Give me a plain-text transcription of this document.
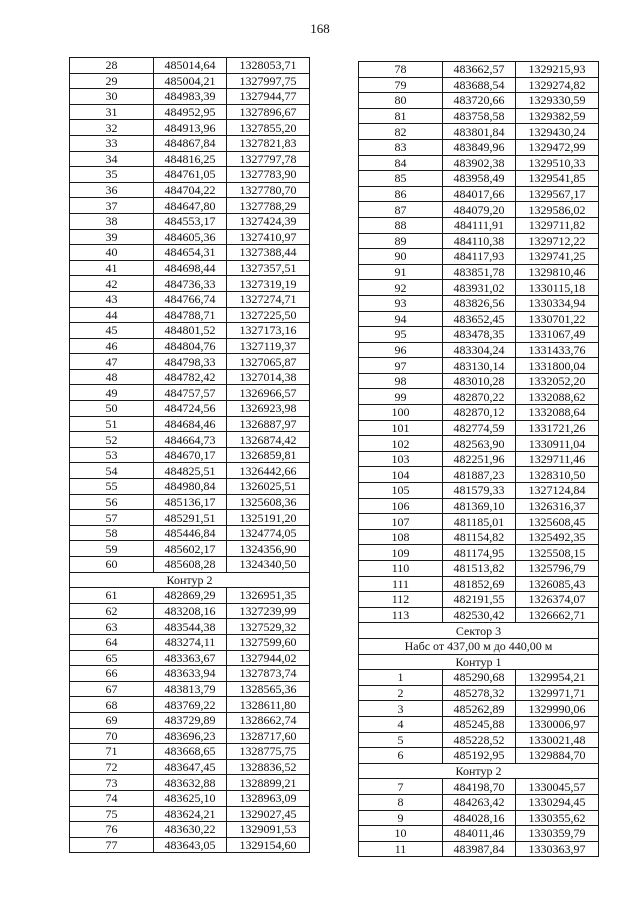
168
28	485014,64	1328053,71
29	485004,21	1327997,75
30	484983,39	1327944,77
31	484952,95	1327896,67
32	484913,96	1327855,20
33	484867,84	1327821,83
34	484816,25	1327797,78
35	484761,05	1327783,90
36	484704,22	1327780,70
37	484647,80	1327788,29
38	484553,17	1327424,39
39	484605,36	1327410,97
40	484654,31	1327388,44
41	484698,44	1327357,51
42	484736,33	1327319,19
43	484766,74	1327274,71
44	484788,71	1327225,50
45	484801,52	1327173,16
46	484804,76	1327119,37
47	484798,33	1327065,87
48	484782,42	1327014,38
49	484757,57	1326966,57
50	484724,56	1326923,98
51	484684,46	1326887,97
52	484664,73	1326874,42
53	484670,17	1326859,81
54	484825,51	1326442,66
55	484980,84	1326025,51
56	485136,17	1325608,36
57	485291,51	1325191,20
58	485446,84	1324774,05
59	485602,17	1324356,90
60	485608,28	1324340,50
Контур 2		
61	482869,29	1326951,35
62	483208,16	1327239,99
63	483544,38	1327529,32
64	483274,11	1327599,60
65	483363,67	1327944,02
66	483633,94	1327873,74
67	483813,79	1328565,36
68	483769,22	1328611,80
69	483729,89	1328662,74
70	483696,23	1328717,60
71	483668,65	1328775,75
72	483647,45	1328836,52
73	483632,88	1328899,21
74	483625,10	1328963,09
75	483624,21	1329027,45
76	483630,22	1329091,53
77	483643,05	1329154,60
78	483662,57	1329215,93
79	483688,54	1329274,82
80	483720,66	1329330,59
81	483758,58	1329382,59
82	483801,84	1329430,24
83	483849,96	1329472,99
84	483902,38	1329510,33
85	483958,49	1329541,85
86	484017,66	1329567,17
87	484079,20	1329586,02
88	484111,91	1329711,82
89	484110,38	1329712,22
90	484117,93	1329741,25
91	483851,78	1329810,46
92	483931,02	1330115,18
93	483826,56	1330334,94
94	483652,45	1330701,22
95	483478,35	1331067,49
96	483304,24	1331433,76
97	483130,14	1331800,04
98	483010,28	1332052,20
99	482870,22	1332088,62
100	482870,12	1332088,64
101	482774,59	1331721,26
102	482563,90	1330911,04
103	482251,96	1329711,46
104	481887,23	1328310,50
105	481579,33	1327124,84
106	481369,10	1326316,37
107	481185,01	1325608,45
108	481154,82	1325492,35
109	481174,95	1325508,15
110	481513,82	1325796,79
111	481852,69	1326085,43
112	482191,55	1326374,07
113	482530,42	1326662,71
Сектор 3		
Набс от 437,00 м до 440,00 м		
Контур 1		
1	485290,68	1329954,21
2	485278,32	1329971,71
3	485262,89	1329990,06
4	485245,88	1330006,97
5	485228,52	1330021,48
6	485192,95	1329884,70
Контур 2		
7	484198,70	1330045,57
8	484263,42	1330294,45
9	484028,16	1330355,62
10	484011,46	1330359,79
11	483987,84	1330363,97
